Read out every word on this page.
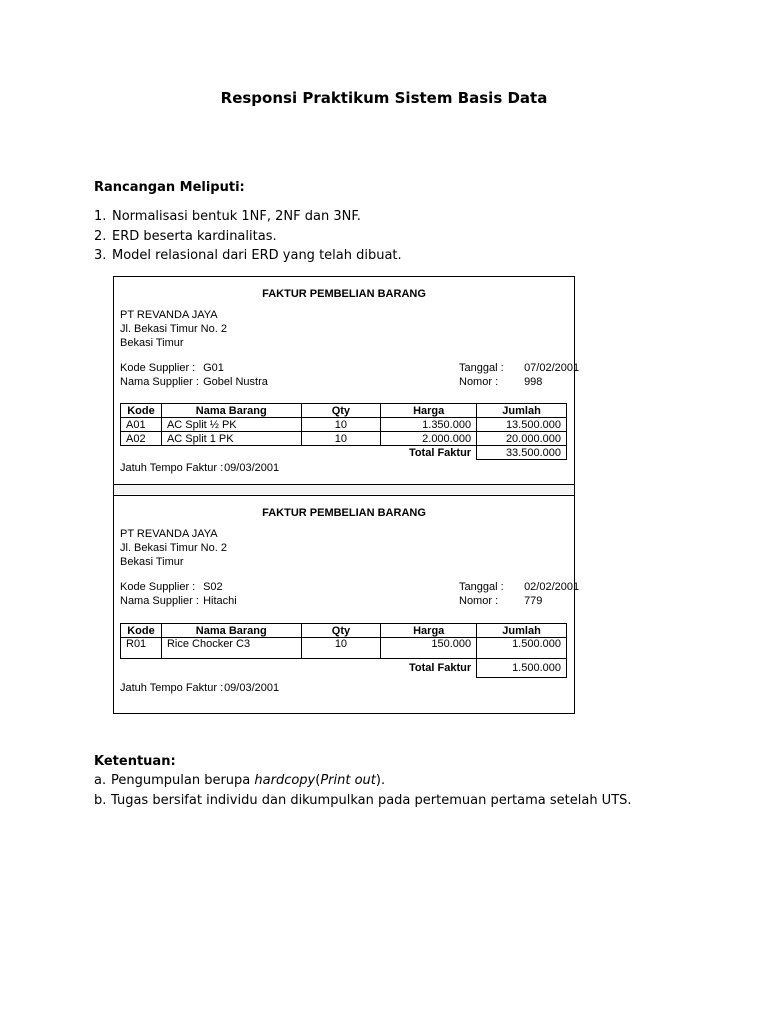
Responsi Praktikum Sistem Basis Data
Rancangan Meliputi:
1. Normalisasi bentuk 1NF, 2NF dan 3NF.
2. ERD beserta kardinalitas.
3. Model relasional dari ERD yang telah dibuat.
FAKTUR PEMBELIAN BARANG
PT REVANDA JAYA
Jl. Bekasi Timur No. 2
Bekasi Timur
Kode Supplier : G01
Nama Supplier : Gobel Nustra
Tanggal : 07/02/2001
Nomor : 998
Kode	Nama Barang	Qty	Harga	Jumlah
A01	AC Split ½ PK	10	1.350.000	13.500.000
A02	AC Split 1 PK	10	2.000.000	20.000.000
Total Faktur				33.500.000
Jatuh Tempo Faktur : 09/03/2001
FAKTUR PEMBELIAN BARANG
PT REVANDA JAYA
Jl. Bekasi Timur No. 2
Bekasi Timur
Kode Supplier : S02
Nama Supplier : Hitachi
Tanggal : 02/02/2001
Nomor : 779
Kode	Nama Barang	Qty	Harga	Jumlah
R01	Rice Chocker C3	10	150.000	1.500.000
Total Faktur				1.500.000
Jatuh Tempo Faktur : 09/03/2001
Ketentuan:
a. Pengumpulan berupa hardcopy(Print out).
b. Tugas bersifat individu dan dikumpulkan pada pertemuan pertama setelah UTS.
